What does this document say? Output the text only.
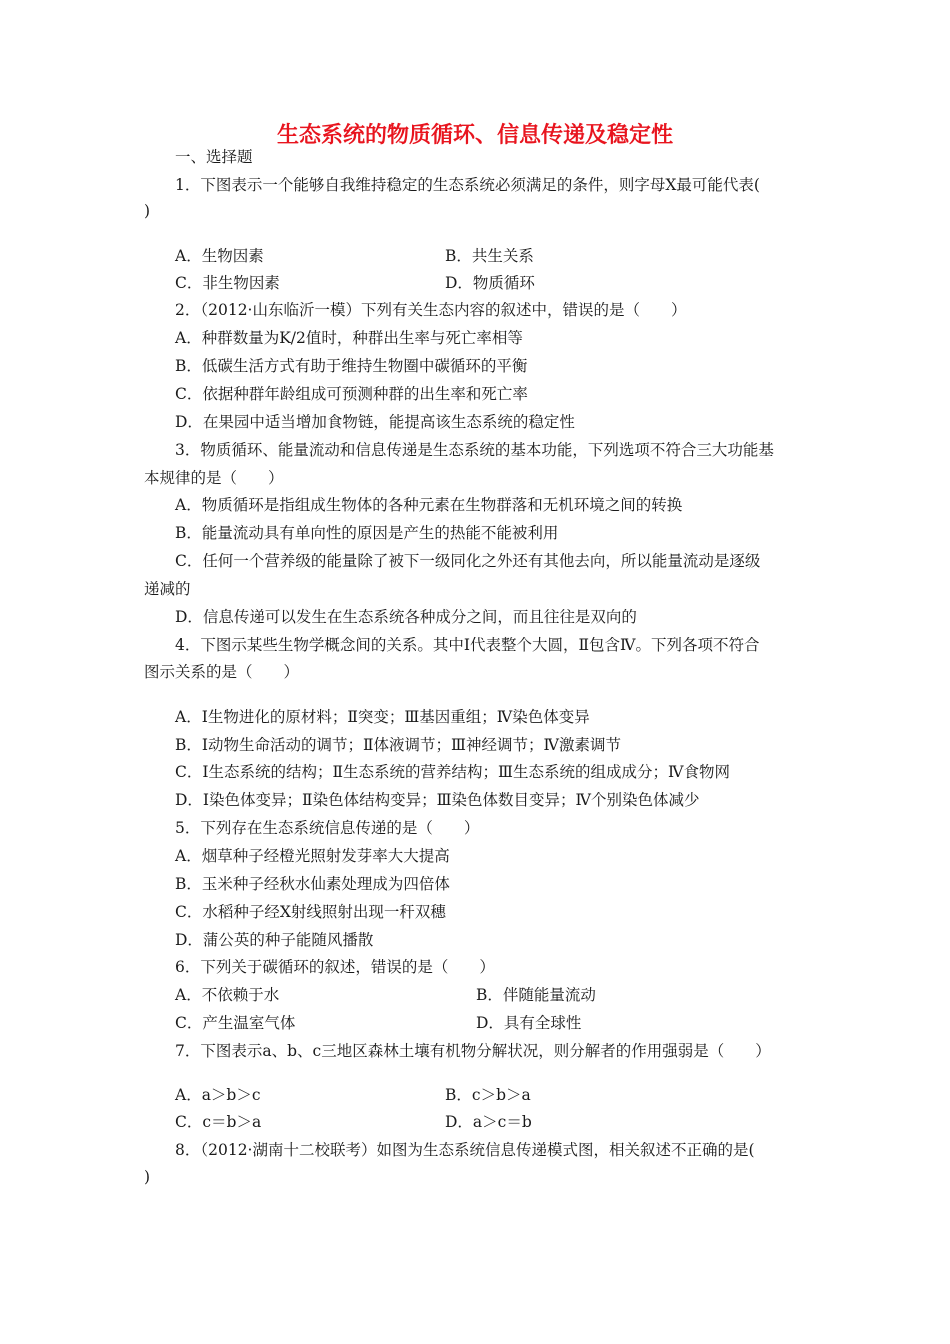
生态系统的物质循环、信息传递及稳定性
一、选择题
1．下图表示一个能够自我维持稳定的生态系统必须满足的条件，则字母X最可能代表(
)
A．生物因素	B．共生关系
C．非生物因素	D．物质循环
2．（2012·山东临沂一模）下列有关生态内容的叙述中，错误的是（　　）
A．种群数量为K/2值时，种群出生率与死亡率相等
B．低碳生活方式有助于维持生物圈中碳循环的平衡
C．依据种群年龄组成可预测种群的出生率和死亡率
D．在果园中适当增加食物链，能提高该生态系统的稳定性
3．物质循环、能量流动和信息传递是生态系统的基本功能，下列选项不符合三大功能基
本规律的是（　　）
A．物质循环是指组成生物体的各种元素在生物群落和无机环境之间的转换
B．能量流动具有单向性的原因是产生的热能不能被利用
C．任何一个营养级的能量除了被下一级同化之外还有其他去向，所以能量流动是逐级
递减的
D．信息传递可以发生在生态系统各种成分之间，而且往往是双向的
4．下图示某些生物学概念间的关系。其中Ⅰ代表整个大圆，Ⅱ包含Ⅳ。下列各项不符合
图示关系的是（　　）
A．Ⅰ生物进化的原材料；Ⅱ突变；Ⅲ基因重组；Ⅳ染色体变异
B．Ⅰ动物生命活动的调节；Ⅱ体液调节；Ⅲ神经调节；Ⅳ激素调节
C．Ⅰ生态系统的结构；Ⅱ生态系统的营养结构；Ⅲ生态系统的组成成分；Ⅳ食物网
D．Ⅰ染色体变异；Ⅱ染色体结构变异；Ⅲ染色体数目变异；Ⅳ个别染色体减少
5．下列存在生态系统信息传递的是（　　）
A．烟草种子经橙光照射发芽率大大提高
B．玉米种子经秋水仙素处理成为四倍体
C．水稻种子经X射线照射出现一秆双穗
D．蒲公英的种子能随风播散
6．下列关于碳循环的叙述，错误的是（　　）
A．不依赖于水	B．伴随能量流动
C．产生温室气体	D．具有全球性
7．下图表示a、b、c三地区森林土壤有机物分解状况，则分解者的作用强弱是（　　）
A．a＞b＞c	B．c＞b＞a
C．c＝b＞a	D．a＞c＝b
8．（2012·湖南十二校联考）如图为生态系统信息传递模式图，相关叙述不正确的是(
)
